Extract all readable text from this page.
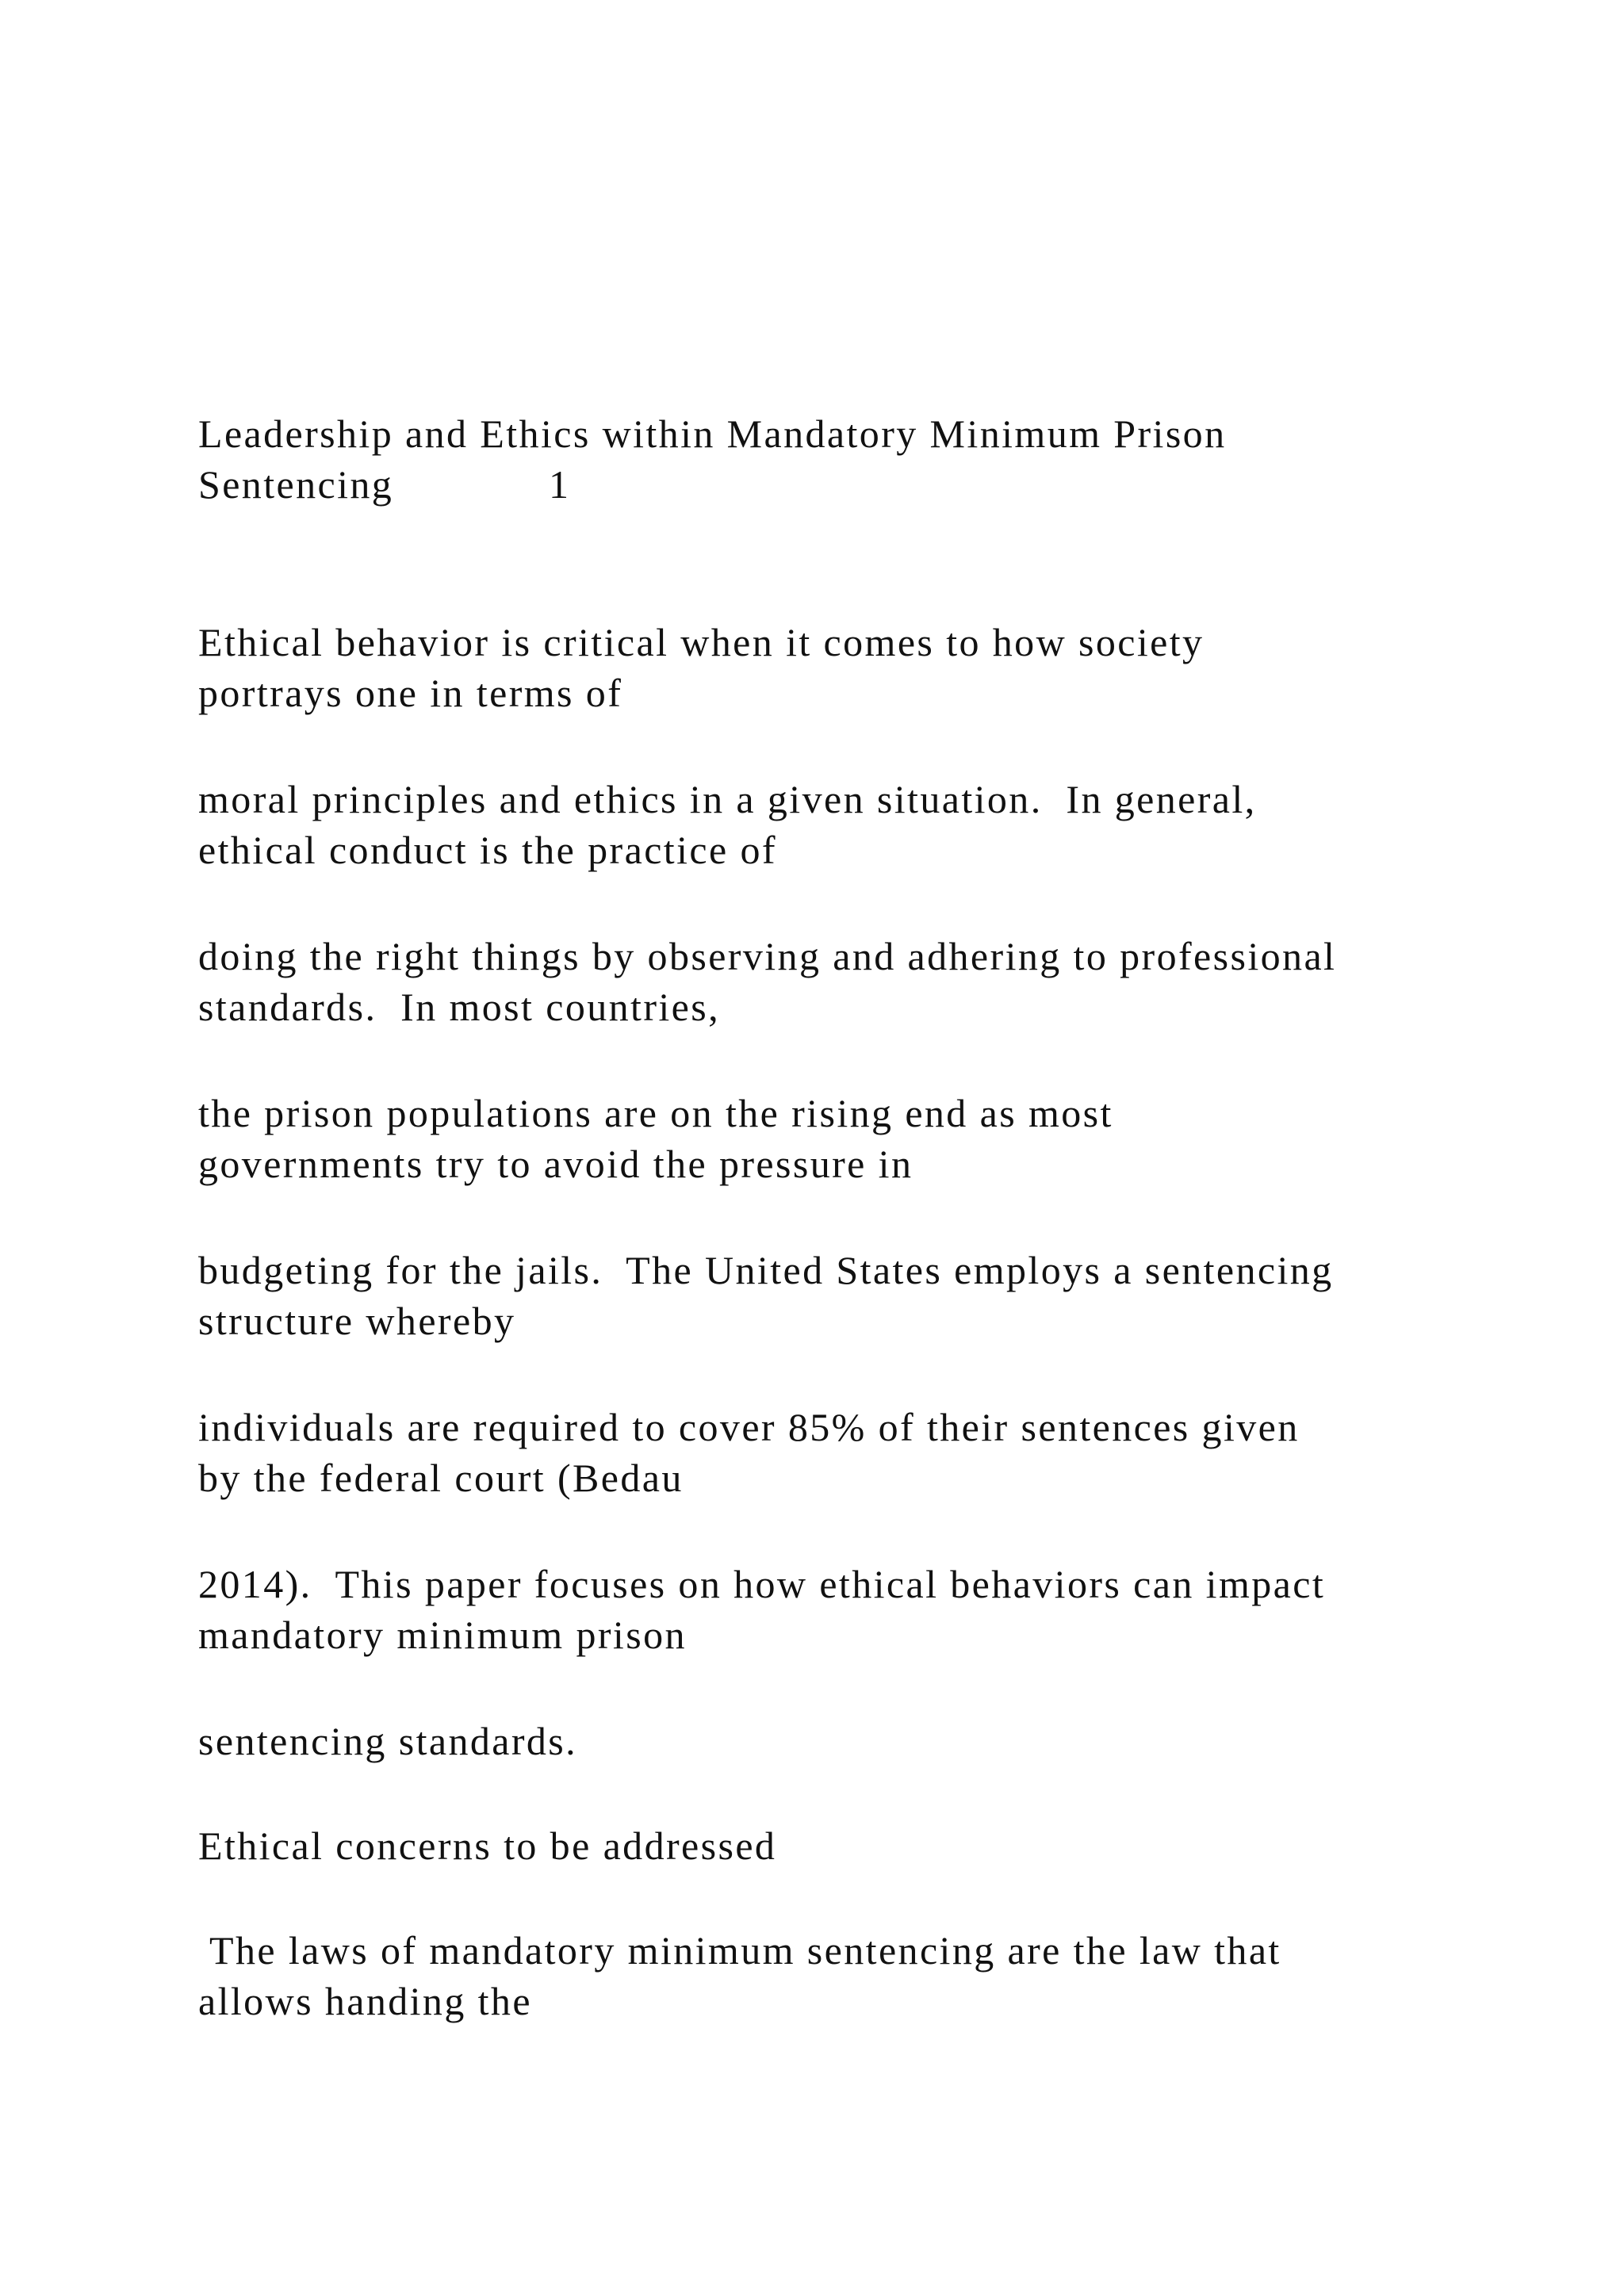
Leadership and Ethics within Mandatory Minimum Prison

Sentencing	1

Ethical behavior is critical when it comes to how society

portrays one in terms of

moral principles and ethics in a given situation.  In general,

ethical conduct is the practice of

doing the right things by observing and adhering to professional

standards.  In most countries,

the prison populations are on the rising end as most

governments try to avoid the pressure in

budgeting for the jails.  The United States employs a sentencing

structure whereby

individuals are required to cover 85% of their sentences given

by the federal court (Bedau

2014).  This paper focuses on how ethical behaviors can impact

mandatory minimum prison

sentencing standards.

Ethical concerns to be addressed

The laws of mandatory minimum sentencing are the law that

allows handing the
